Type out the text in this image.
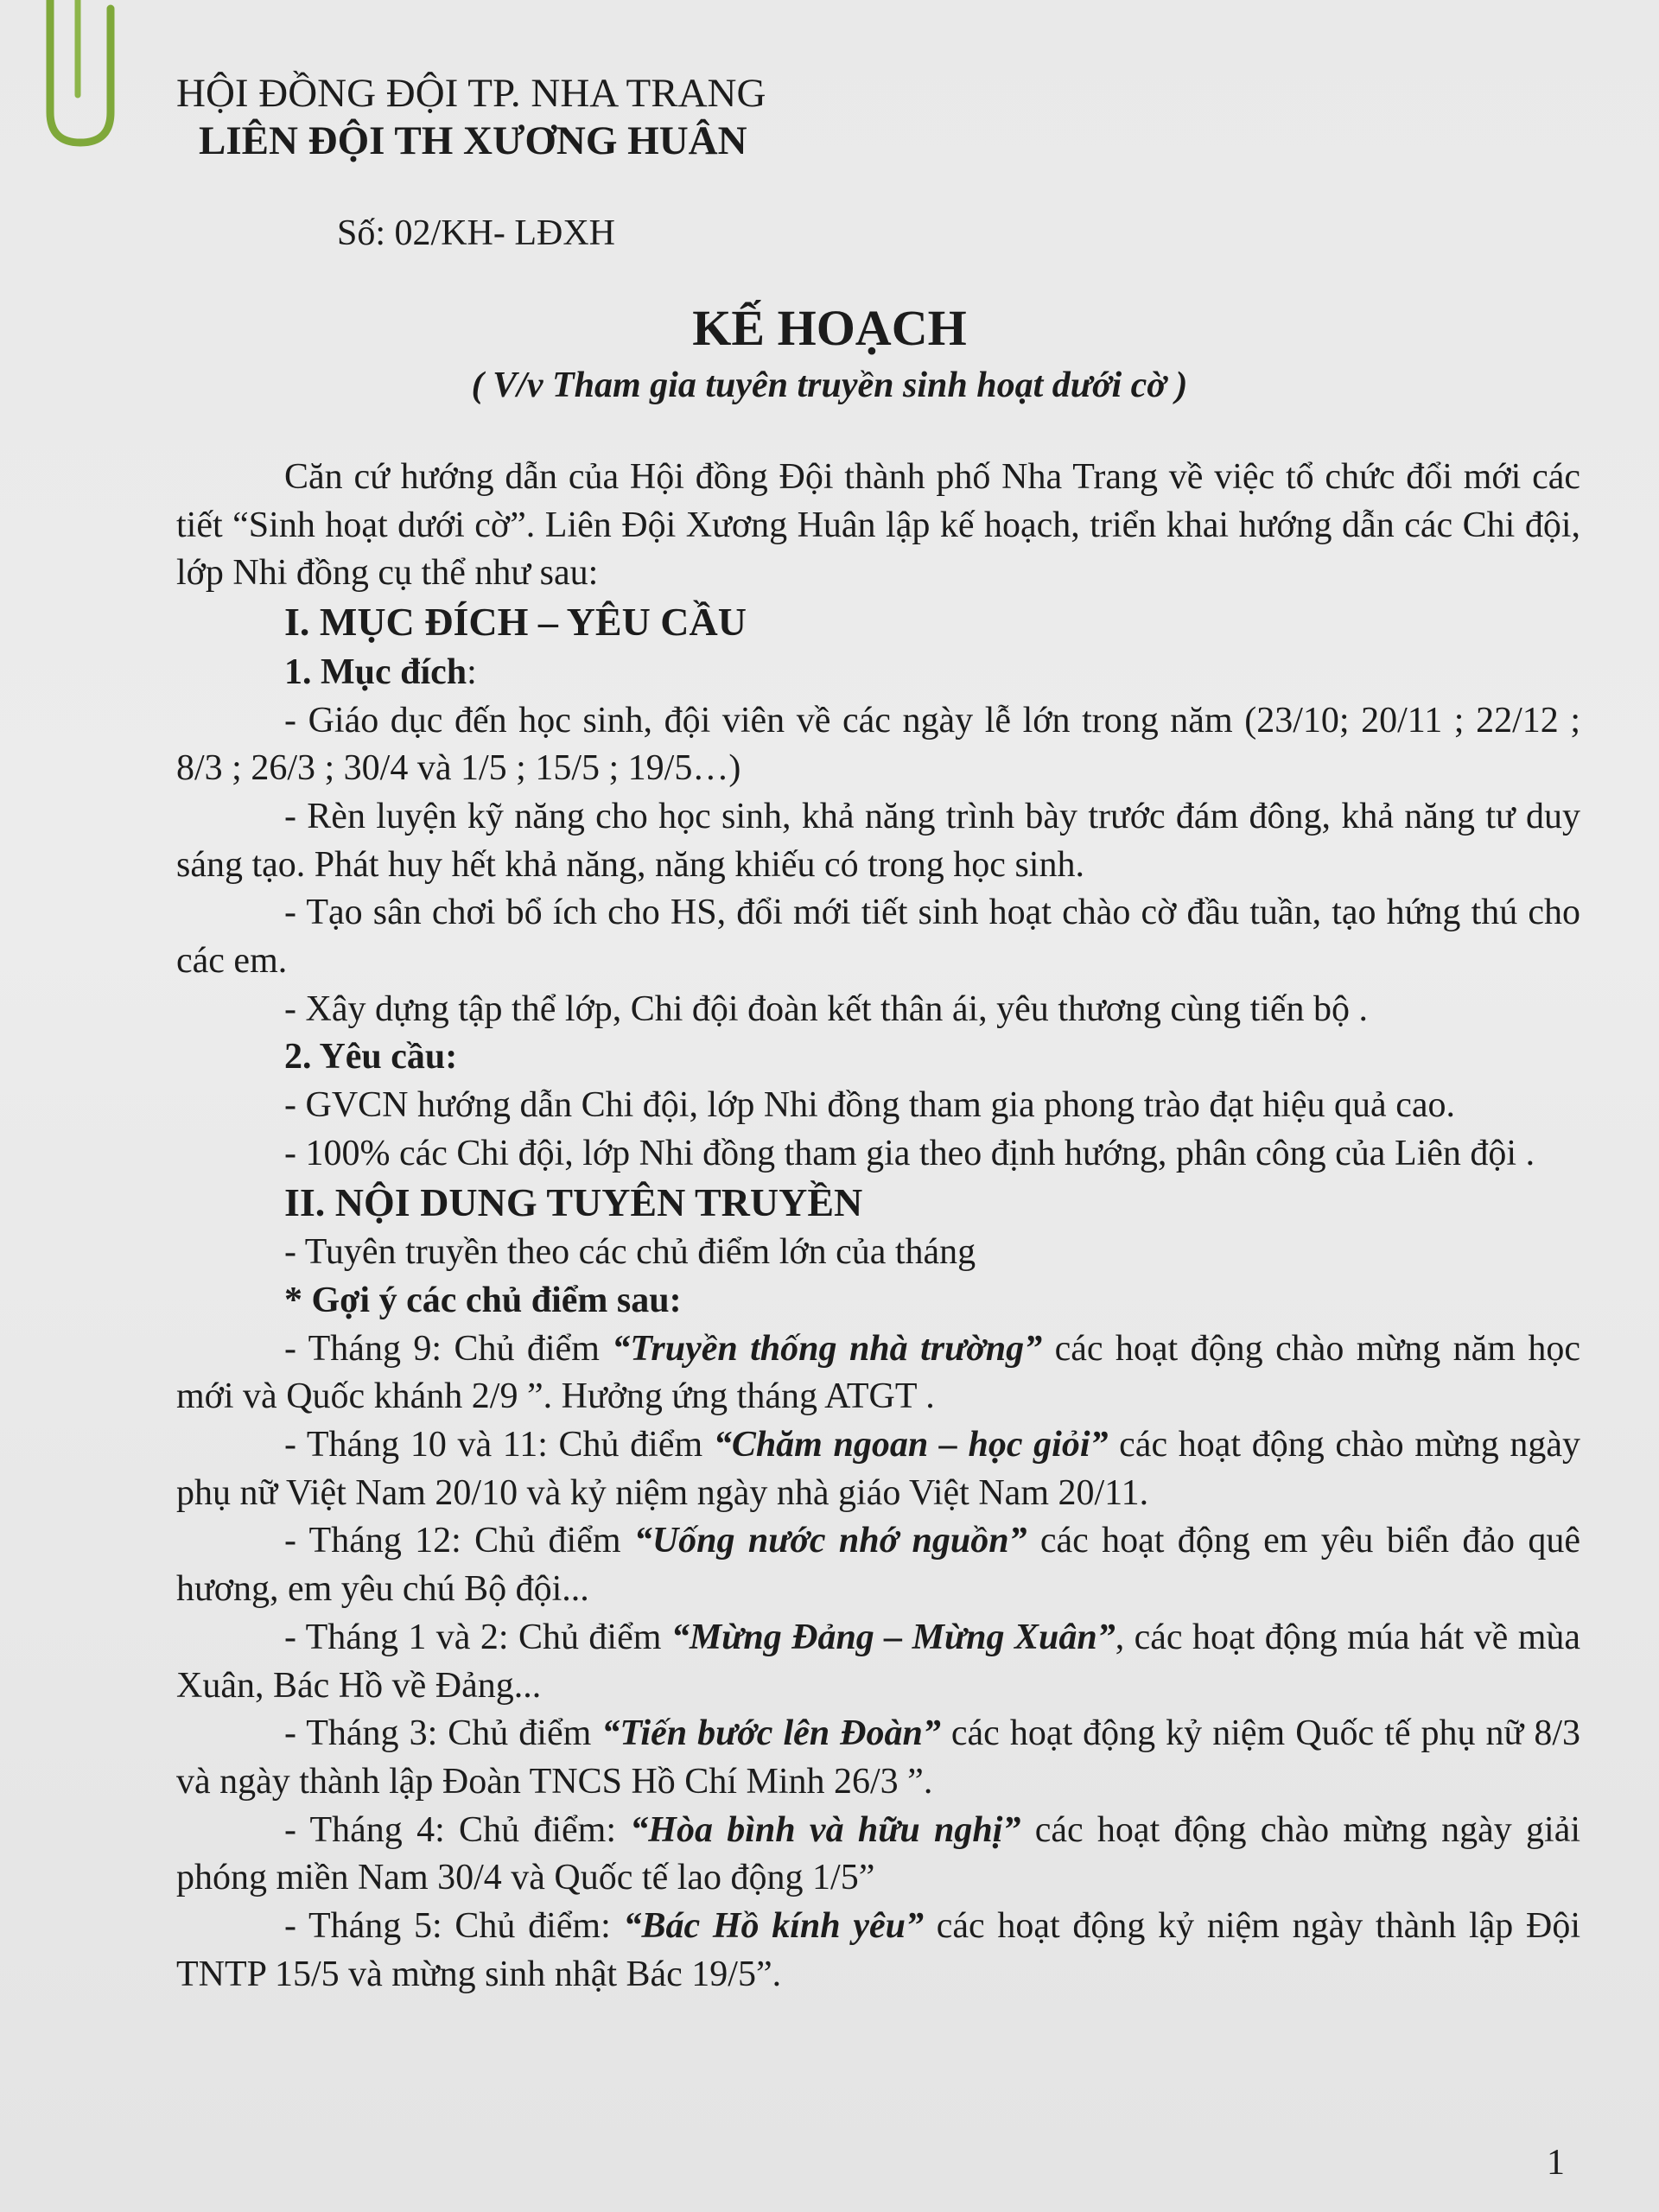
HỘI ĐỒNG ĐỘI TP. NHA TRANG
LIÊN ĐỘI TH XƯƠNG HUÂN
Số: 02/KH- LĐXH
KẾ HOẠCH
( V/v Tham gia tuyên truyền sinh hoạt dưới cờ )

Căn cứ hướng dẫn của Hội đồng Đội thành phố Nha Trang về việc tổ chức đổi mới các tiết “Sinh hoạt dưới cờ”. Liên Đội Xương Huân lập kế hoạch, triển khai hướng dẫn các Chi đội, lớp Nhi đồng cụ thể như sau:

I. MỤC ĐÍCH – YÊU CẦU

1. Mục đích:

- Giáo dục đến học sinh, đội viên về các ngày lễ lớn trong năm (23/10; 20/11 ; 22/12 ; 8/3 ; 26/3 ; 30/4 và 1/5 ; 15/5 ; 19/5…)

- Rèn luyện kỹ năng cho học sinh, khả năng trình bày trước đám đông, khả năng tư duy sáng tạo. Phát huy hết khả năng, năng khiếu có trong học sinh.

- Tạo sân chơi bổ ích cho HS, đổi mới tiết sinh hoạt chào cờ đầu tuần, tạo hứng thú cho các em.

- Xây dựng tập thể lớp, Chi đội đoàn kết thân ái, yêu thương cùng tiến bộ .

2. Yêu cầu:

- GVCN hướng dẫn Chi đội, lớp Nhi đồng tham gia phong trào đạt hiệu quả cao.

- 100% các Chi đội, lớp Nhi đồng tham gia theo định hướng, phân công của Liên đội .

II. NỘI DUNG TUYÊN TRUYỀN

- Tuyên truyền theo các chủ điểm lớn của tháng

* Gợi ý các chủ điểm sau:

- Tháng 9: Chủ điểm “Truyền thống nhà trường” các hoạt động chào mừng năm học mới và Quốc khánh 2/9 ”. Hưởng ứng tháng ATGT .

- Tháng 10 và 11: Chủ điểm “Chăm ngoan – học giỏi” các hoạt động chào mừng ngày phụ nữ Việt Nam 20/10 và kỷ niệm ngày nhà giáo Việt Nam 20/11.

- Tháng 12: Chủ điểm “Uống nước nhớ nguồn” các hoạt động em yêu biển đảo quê hương, em yêu chú Bộ đội...

- Tháng 1 và 2: Chủ điểm “Mừng Đảng – Mừng Xuân”, các hoạt động múa hát về mùa Xuân, Bác Hồ về Đảng...

- Tháng 3: Chủ điểm “Tiến bước lên Đoàn” các hoạt động kỷ niệm Quốc tế phụ nữ 8/3 và ngày thành lập Đoàn TNCS Hồ Chí Minh 26/3 ”.

- Tháng 4: Chủ điểm: “Hòa bình và hữu nghị” các hoạt động chào mừng ngày giải phóng miền Nam 30/4 và Quốc tế lao động 1/5”

- Tháng 5: Chủ điểm: “Bác Hồ kính yêu” các hoạt động kỷ niệm ngày thành lập Đội TNTP 15/5 và mừng sinh nhật Bác 19/5”.

1
